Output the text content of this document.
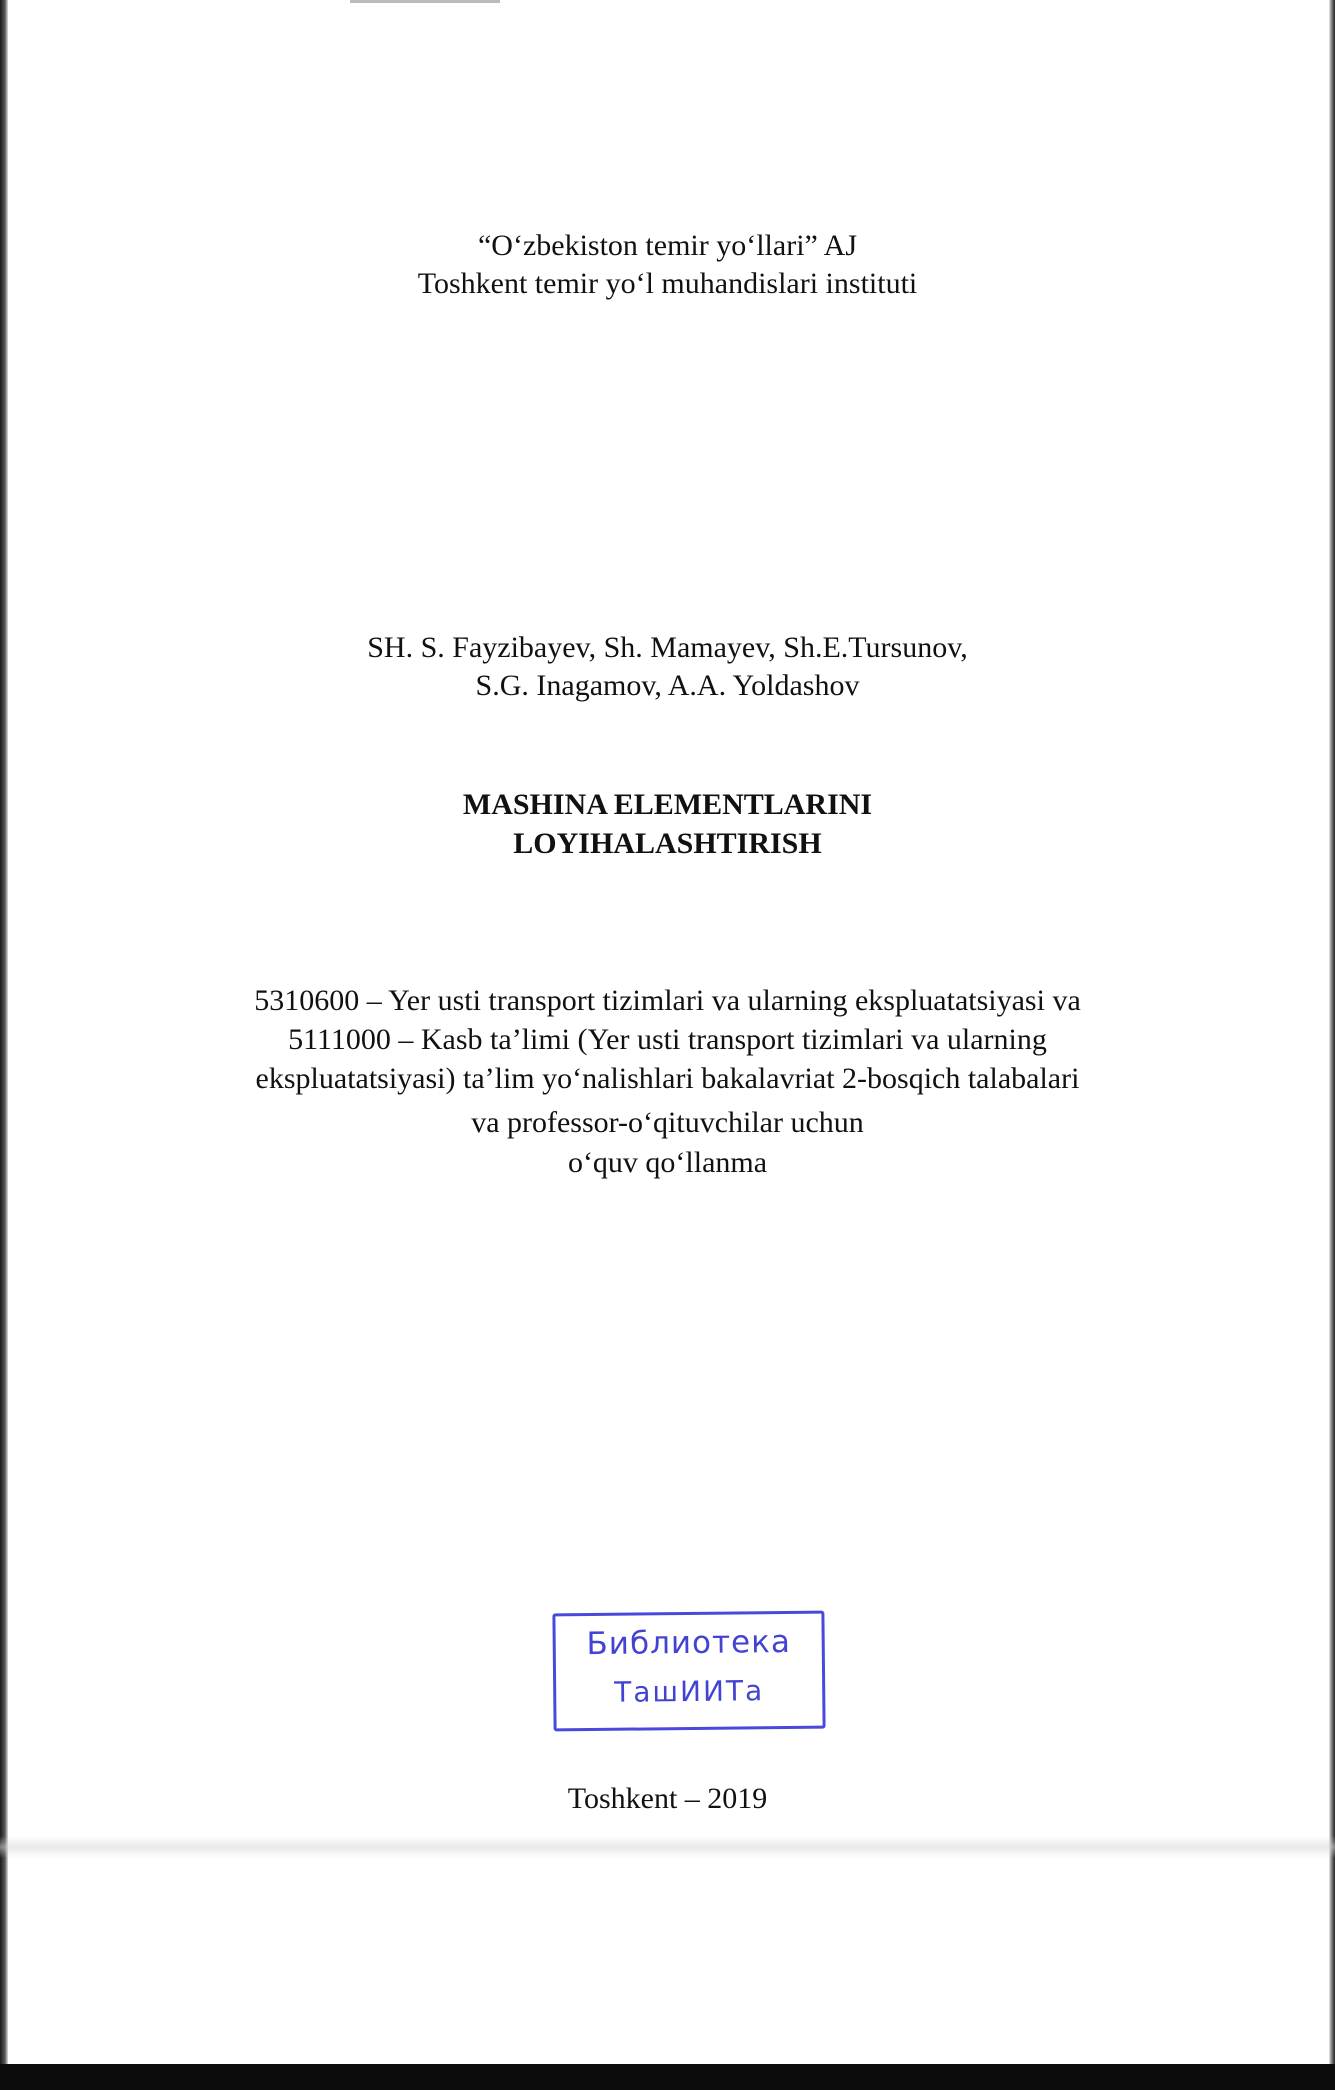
“O‘zbekiston temir yo‘llari” AJ
Toshkent temir yo‘l muhandislari instituti
SH. S. Fayzibayev, Sh. Mamayev, Sh.E.Tursunov,
S.G. Inagamov, A.A. Yoldashov
MASHINA ELEMENTLARINI
LOYIHALASHTIRISH
5310600 – Yer usti transport tizimlari va ularning ekspluatatsiyasi va
5111000 – Kasb ta’limi (Yer usti transport tizimlari va ularning
ekspluatatsiyasi) ta’lim yo‘nalishlari bakalavriat 2-bosqich talabalari
va professor-o‘qituvchilar uchun
o‘quv qo‘llanma
Библиотека
ТашИИТа
Toshkent – 2019
